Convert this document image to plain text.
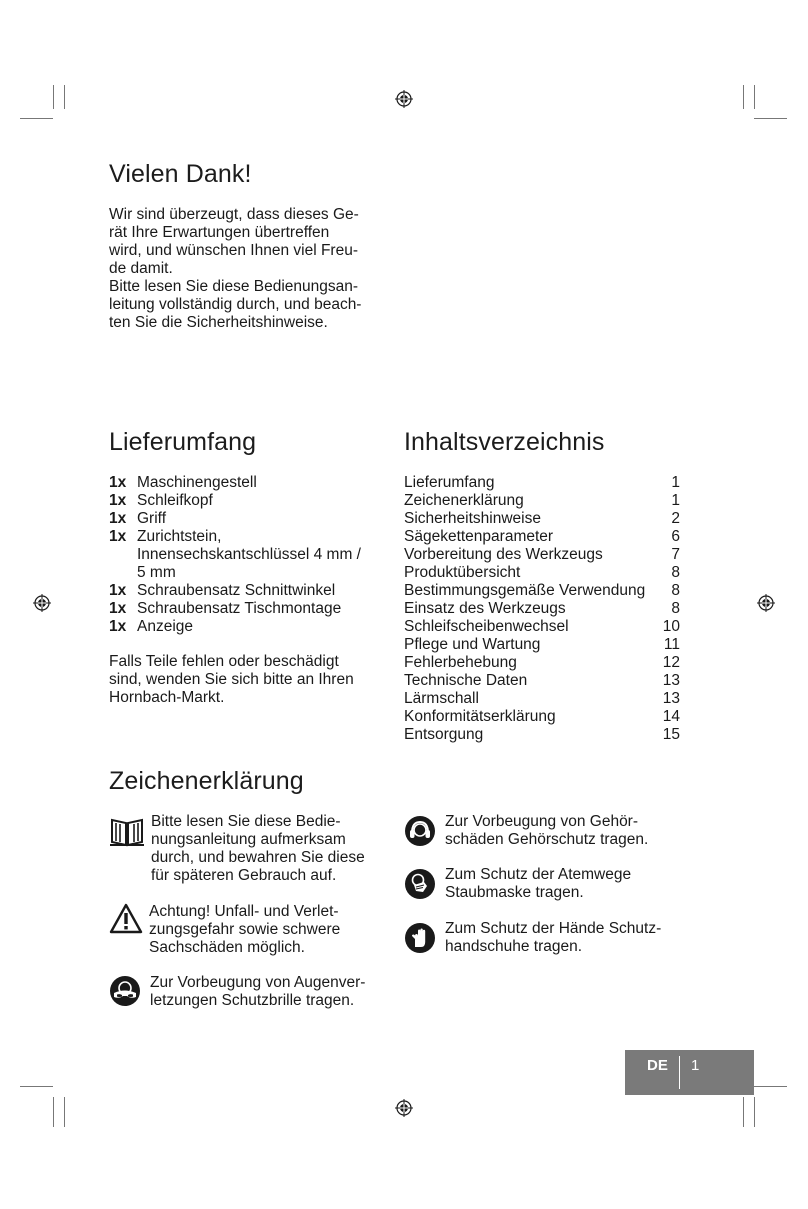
Vielen Dank!
Wir sind überzeugt, dass dieses Ge-
rät Ihre Erwartungen übertreffen
wird, und wünschen Ihnen viel Freu-
de damit.
Bitte lesen Sie diese Bedienungsan-
leitung vollständig durch, und beach-
ten Sie die Sicherheitshinweise.
Lieferumfang
1x Maschinengestell
1x Schleifkopf
1x Griff
1x Zurichtstein,
Innensechskantschlüssel 4 mm /
5 mm
1x Schraubensatz Schnittwinkel
1x Schraubensatz Tischmontage
1x Anzeige
Falls Teile fehlen oder beschädigt
sind, wenden Sie sich bitte an Ihren
Hornbach-Markt.
Inhaltsverzeichnis
Lieferumfang	1
Zeichenerklärung	1
Sicherheitshinweise	2
Sägekettenparameter	6
Vorbereitung des Werkzeugs	7
Produktübersicht	8
Bestimmungsgemäße Verwendung 8
Einsatz des Werkzeugs	8
Schleifscheibenwechsel	10
Pflege und Wartung	11
Fehlerbehebung	12
Technische Daten	13
Lärmschall	13
Konformitätserklärung	14
Entsorgung	15
Zeichenerklärung
Bitte lesen Sie diese Bedie-
nungsanleitung aufmerksam
durch, und bewahren Sie diese
für späteren Gebrauch auf.
Achtung! Unfall- und Verlet-
zungsgefahr sowie schwere
Sachschäden möglich.
Zur Vorbeugung von Augenver-
letzungen Schutzbrille tragen.
Zur Vorbeugung von Gehör-
schäden Gehörschutz tragen.
Zum Schutz der Atemwege
Staubmaske tragen.
Zum Schutz der Hände Schutz-
handschuhe tragen.
DE 1
